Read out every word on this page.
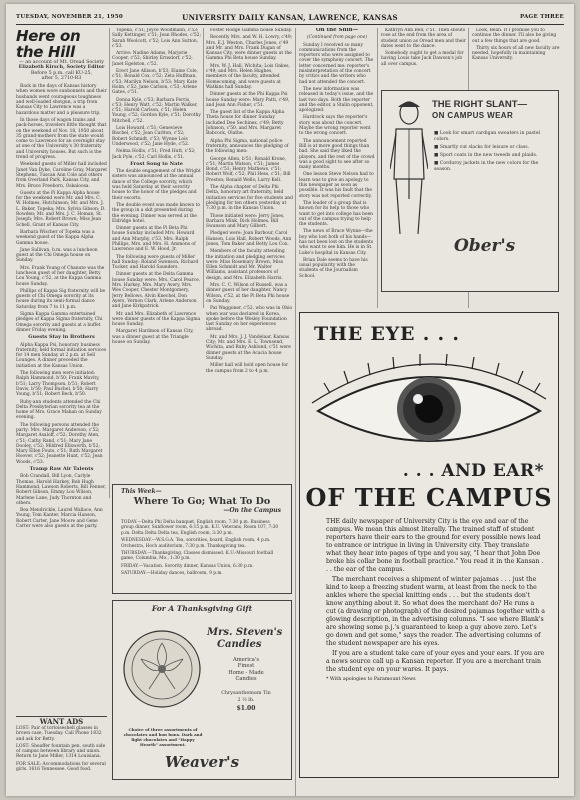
TUESDAY, NOVEMBER 21, 1950	UNIVERSITY DAILY KANSAN, LAWRENCE, KANSAS	PAGE THREE
Here on the Hill
— an account of Mt. Oread Society
Elizabeth Kirsch, Society Editor
Before 5 p.m. call KU-25,
after 5, 2710-R3

Back in the days of Kansas history when women wore sunbonnets and their husbands went courageous toughness and well-loaded shotgun, a trip from Kansas City to Lawrence was a hazardous matter and a pleasure trip.

In those days of wagon trains and pack-horses, travelers little thought that on the weekend of Nov. 18, 1950 about 35 grand-mothers from the state would come to Lawrence for an overnight stay at one of the University's 30 fraternity and University houses. But such is the trend of progress.

Weekend guests of Miller hall included Janet Van Dyke, Caroline Gray, Margaret Stephens, Tuscan Ann Cole and others from Overland Park, Kansas City, and Mrs. Bruce Freeborn, Oskaloosa.

Guests at the Pi Kappa Alpha house for the weekend were Mr. and Mrs. C. W. Holmes, Hutchinson; Mr. and Mrs. J. L. Baker, Topeka; Mrs. Sylvia Gibson; D. Rowden; Mr. and Mrs. J. C. Homan, St. Joseph; Mrs. Robert Brown; Miss Jean Schell, Grant of Kansas City.

Barbara Wischer of Topeka was a weekend guest of the Kappa Alpha Gamma house.

Jane Sullivan, b.m. was a luncheon guest at the Chi Omega house on Sunday.

Mrs. Frank Young of Chanute was the luncheon guest of her daughter, Betty Lou Young, c'52, at the Kappa Gamma house Sunday.

Phillips of Kappa Sig fraternity will be guests of Chi Omega sorority at its house during its semi-formal dance Saturday from 7 to 11 p.m.

Sigma Kappa Gamma entertained pledges of Kappa Sigma fraternity, Chi Omega sorority and guests at a buffet dinner Friday evening.

Guests Stay in Brothers

Alpha Kappa Psi, honorary business fraternity, held formal initiation services for 14 men Sunday at 2 p.m. at Sell Lounges. A dinner preceded the initiation at the Kansas Union.

The following men were initiated: Ralph Hammond, b'50; Frank Mavity, b'51; Larry Thompson, b'51; Robert Davis, b'50; Paul Buchel, b'50; Harry Young, b'51; Robert Beck, b'50.

Ruby-ann students attended the Chi Delta Presbyterian sorority tea at the home of Mrs. Grace Mahan on Sunday evening.

The following persons attended the party: Mrs. Margaret Anderson, c'52; Margaret Asaloff, c'52; Dorothy Aten, c'51; Cathy Rand, c'51; Mary Jane Dooley, c'52; Mildred Ellsworth, b'52; Mary Ellen Fouts, c'51; Ruth Margaret Hoover, c'52; Jeanette Hunt, c'52; Jean Woods, c'53.

Tramp Raw Air Talents

Bob Crandall, Bill Lyon, Carlyle Thomas, Harold Harkey, Bob Hugh Hammond, Lawson Roberts, Bill Fenner, Robert Gibson, Emmy Lou Wilson, Marlene Lane, Judy Thornton and others.

Bea Mendrickle, Laurel Wallace, Ann Young, Tom Kanter, Marcia Hanson, Robert Carter, Jane Moore and Gene Carter were also guests at the party.

WANT ADS

LOST: Pair of tortoiseshell glasses in brown case, Tuesday. Call Phone 1832 and ask for Betty.

LOST: Sheaffer fountain pen, south side of campus between library and union. Return to Jane Miller, 1314 Louisiana.

FOR SALE: Accommodations for several girls. 1616 Tennessee. Good food.

Topeka, c'51; Joyce Woodmann, c'53; Sally Kettinger, c'51; Jean Rhodes, c'52; Sarah Woolcott, c'52; Lois Ann Sutton, c'53.

Arrive: Nadine Adams, Marjorie Cooper, c'52; Shirley Ernsdorf, c'52; Janet Egelston, c'52.

Erect Jane Allison, b'53; Elaine Cole, c'51; Ronald Cox, c'52; Zeta Huffman, c'53; Marilyn Nelson, b'53; Mary Kate Holm, c'52; Jane Carlson, c'53; Arlene Gates, c'51.

Donna Kyle, c'53; Barbara Ferris, c'53; Henry Watt, c'52; Martin Walker, c'51; Harold Carlson, c'51; Helen Young, c'52; Gordon Kyle, c'51; Dorothy Mitchell, c'52.

Lois Howard, c'51; Genevieve Bischel, c'52; Joan Carlton, c'52; Robert Schmidt, c'53; Wynne Lois Underwood, c'52; Jane Hyde, c'52.

Nelma Hollis, c'51; Fred Hutt, c'52; Jack Pyle, c'52; Carl Hollis, c'51.

Frost Song to Nate

The double engagement of the Wright sisters was announced at the annual dance of the College sorority, which was held Saturday at their sorority house to the honor of the pledges and their escorts.

The double event was made known to the group in a skit presented during the evening. Dinner was served at the Eldridge hotel.

Dinner guests at the Pi Beta Phi house Sunday included Mrs. Howard and Ann Murphy, c'53, Mrs. Ralph Phillips, Mrs. and Mrs. H. Ammons of Lawrence and E. W. Hood, Jr.

The following were guests of Miller hall Sunday: Roland Swenson, Richard Tucker, and Harold Saunders.

Dinner guests at the Delta Gamma house Sunday were: Mrs. Carol Pearce, Mrs. Hurkey, Mrs. Mary Avery, Mrs. Wes Cooper, Chester Montgomery, Jerry Bellows, Alvin Knechel, Don Ayers, Vernon Clark, Arlene Anderson and Jane Kirkpatrick.

Mr. and Mrs. Elizabeth of Lawrence were dinner guests of the Kappa Sigma house Sunday.

Margaret Hardmon of Kansas City, was a dinner guest at the Triangle house on Sunday.

Foster Hodge Gamma house Sunday.

Recently Mrs. and W. H. Lowry, c'49; Mrs. E.J. Weston, Charles Jones, c'49 and Mr. and Mrs. Frank Dugan of Kansas City, were dinner guests at the Gamma Phi Beta house Sunday.

Mrs. W. J. Hall, Wichita; Lois Oakes, c'49; and Mrs. Helen Hughes, members of the faculty, attended Homecoming, and were guests at Watkins hall Sunday.

Dinner guests at the Phi Kappa Psi house Sunday were: Mary Patti, c'49, and Jean Ann Fisher, c'51.

The guest list of the Kappa Alpha Theta house for dinner Sunday included Dee Sechinez, c'49; Betty Johnson, c'50, and Mrs. Margaret Babcock, Olathe.

Alpha Phi Sigma, national police fraternity, announces the pledging of the following men:

George Allen, b'51; Ronald Krone, c'51; Martin Watson, c'51; James Bond, c'51; Henry Mathews, c'51; Robert Wolf, c'52; Phil Hess, c'51; Bill Preston; Ronald Wells; Larry Kell.

The Alpha chapter of Delta Phi Delta, honorary art fraternity, held initiation services for five students and pledging for ten others yesterday at 7:30 p.m. in the Kansas Union.

Those initiated were: Jerry Jones, Barbara Mink, Dick Holmes, Bill Swanson and Mary Gilbert.

Pledged were: Joan Barbour, Carol Hanson, Lois Hall, Robert Woods, Ann Jones, Tom Baker and Betty Lou Cox.

Members of the faculty attending the initiation and pledging services were: Miss Rosemary Brown, Miss Ellen Schmidt and Mr. Walter Williams, assistant professors of design, and Mrs. Elizabeth Harris.

Mrs. C. C. Wilson of Russell, was a dinner guest of her daughter, Nancy Wilson, c'52, at the Pi Beta Phi house on Sunday.

Pat Waggoner, c'52, who was in Ohio when war was declared in Korea, spoke before the Wesley Foundation last Sunday on her experiences abroad.

Mr. and Mrs. J. J. Vandelaar, Kansas City; Mr. and Mrs. E. L. Townsend, Wichita, and Ruby Ashlund, c'51 were dinner guests at the Acacia house Sunday.

Miller hall will hold open house for the campus from 2 to 4 p.m.

On the Shin—

(Continued from page one)

Sunday I received so many communications from the reporters who were assigned to cover the symphony concert. The letter concerned me: reporter's misinterpretation of the concert by critics and the writers who had not attended the concert.

The new information was released in today's issue, and the last two days. Both the reporter and the editor, a Stalin opponent, apologized.

Hardrock says the reporter's story was about the concert. Maybe the wrong reporter went to the wrong concert.

The announcement reported Bill is at more good things than bad. She said they liked the players, and the rest of the crowd was a good sight to see after so many months.

One lesson Steve Nelson had to learn was to give an apology to this newspaper as soon as possible. It was his fault that the story was not reported correctly.

The leader of a group that is known for its help to those who want to get into college has been out of the campus trying to help the students.

The news of Bruce Wynne—the boy who lost both of his hands—has not been lost on the students who want to see him. He is in St. Luke's hospital in Kansas City.

Brian Dale seems to have his usual popularity with the students of the Journalism School.

Kathryn Ann Bell, c'51. Then shouts rose at the end from the area of student union as Oread men and their dates went to the dance.

Somebody ought to get a medal for having Louis take Jack Dawson's job all over campus.

Look, Bean. If I promise you to continue the dinner. I'll also be giving out a few things that are good.

Thirty six hours of all new faculty are needed, hopefully in maintaining Kansas University.

THE RIGHT SLANT—
ON CAMPUS WEAR

■ Look for smart cardigan sweaters in pastel colors.

■ Smartly cut slacks for leisure or class.

■ Sport coats in the new tweeds and plaids.

■ Corduroy jackets in the new colors for the season.

Ober's
THE EYE . . .
. . . AND EAR*
OF THE CAMPUS

THE daily newspaper of University City is the eye and ear of the campus. We mean this almost literally. The trained staff of student reporters have their ears to the ground for every possible news lead to entrance or intrigue in living in University city. They translate what they hear into pages of type and you say, "I hear that John Doe broke his collar bone in football practice." You read it in the Kansan . . . the ear of the campus.

The merchant receives a shipment of winter pajamas . . . just the kind to keep a freezing student warm, at least from the neck to the ankles where the special knitting ends . . . but the students don't know anything about it. So what does the merchant do? He runs a cut (a drawing or photograph) of the desired pajamas together with a glowing description, in the advertising columns. "I see where Blank's are showing some p.j.'s guaranteed to keep a guy above zero. Let's go down and get some," says the reader. The advertising columns of the student newspaper are his eyes.

If you are a student take care of your eyes and your ears. If you are a news source call up a Kansan reporter. If you are a merchant train the student eye on your wares. It pays.

* With apologies to Paramount News

This Week—
Where To Go; What To Do
—On the Campus

TODAY.—Delta Phi Delta banquet, English room, 7:30 p.m. Business group dinner, Sunflower room, 6:15 p.m. K.U. Veterans, Room 107, 7:30 p.m. Delta Delta Delta tea, English room, 3:30 p.m.

WEDNESDAY.—W.S.G.A. Tea, sororities, board, English room, 4 p.m. Orchestra, Hoch auditorium, 7:30 p.m. Thanksgiving tea.

THURSDAY.—Thanksgiving. Classes dismissed. K.U.-Missouri football game, Columbia, Mo., 1:30 p.m.

FRIDAY.—Vacation. Sorority dinner, Kansas Union, 6:30 p.m.

SATURDAY.—Holiday dances, ballroom, 9 p.m.

For A Thanksgiving Gift
Mrs. Steven's
Candies
America's
Finest
Home - Made
Candies
Chrysanthemum Tin
2 ½ lb.
$1.00
Choice of three assortments of chocolates and bon bons. Dark and light chocolates and "Happy Hearth" assortment.
Weaver's
